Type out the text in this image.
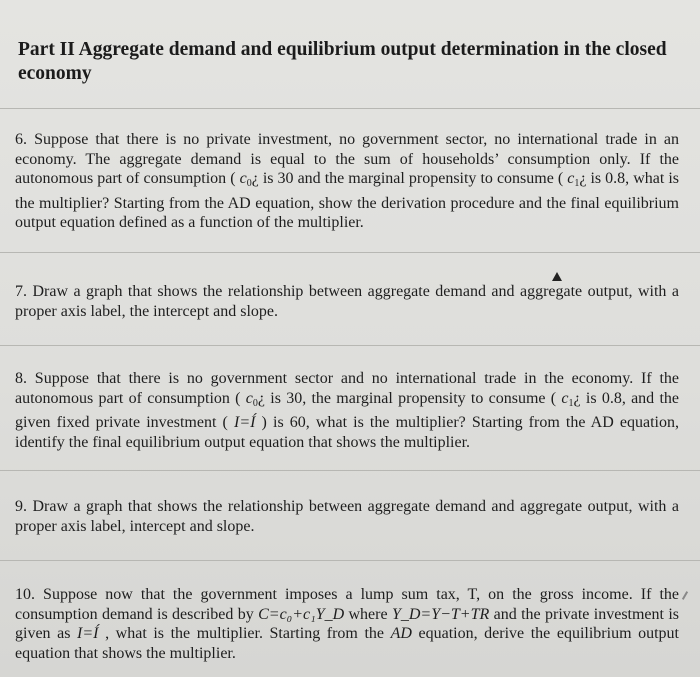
Part II Aggregate demand and equilibrium output determination in the closed economy
6. Suppose that there is no private investment, no government sector, no international trade in an economy. The aggregate demand is equal to the sum of households’ consumption only. If the autonomous part of consumption ( $c_0¿$ is 30 and the marginal propensity to consume ( $c_1¿$ is 0.8, what is the multiplier? Starting from the AD equation, show the derivation procedure and the final equilibrium output equation defined as a function of the multiplier.
7. Draw a graph that shows the relationship between aggregate demand and aggregate output, with a proper axis label, the intercept and slope.
8. Suppose that there is no government sector and no international trade in the economy. If the autonomous part of consumption ( $c_0¿$ is 30, the marginal propensity to consume ( $c_1¿$ is 0.8, and the given fixed private investment ( I=Í ) is 60, what is the multiplier? Starting from the AD equation, identify the final equilibrium output equation that shows the multiplier.
9. Draw a graph that shows the relationship between aggregate demand and aggregate output, with a proper axis label, intercept and slope.
10. Suppose now that the government imposes a lump sum tax, T, on the gross income. If the consumption demand is described by C=c₀+c₁Y_D where Y_D=Y−T+TR and the private investment is given as I=Í , what is the multiplier. Starting from the AD equation, derive the equilibrium output equation that shows the multiplier.
